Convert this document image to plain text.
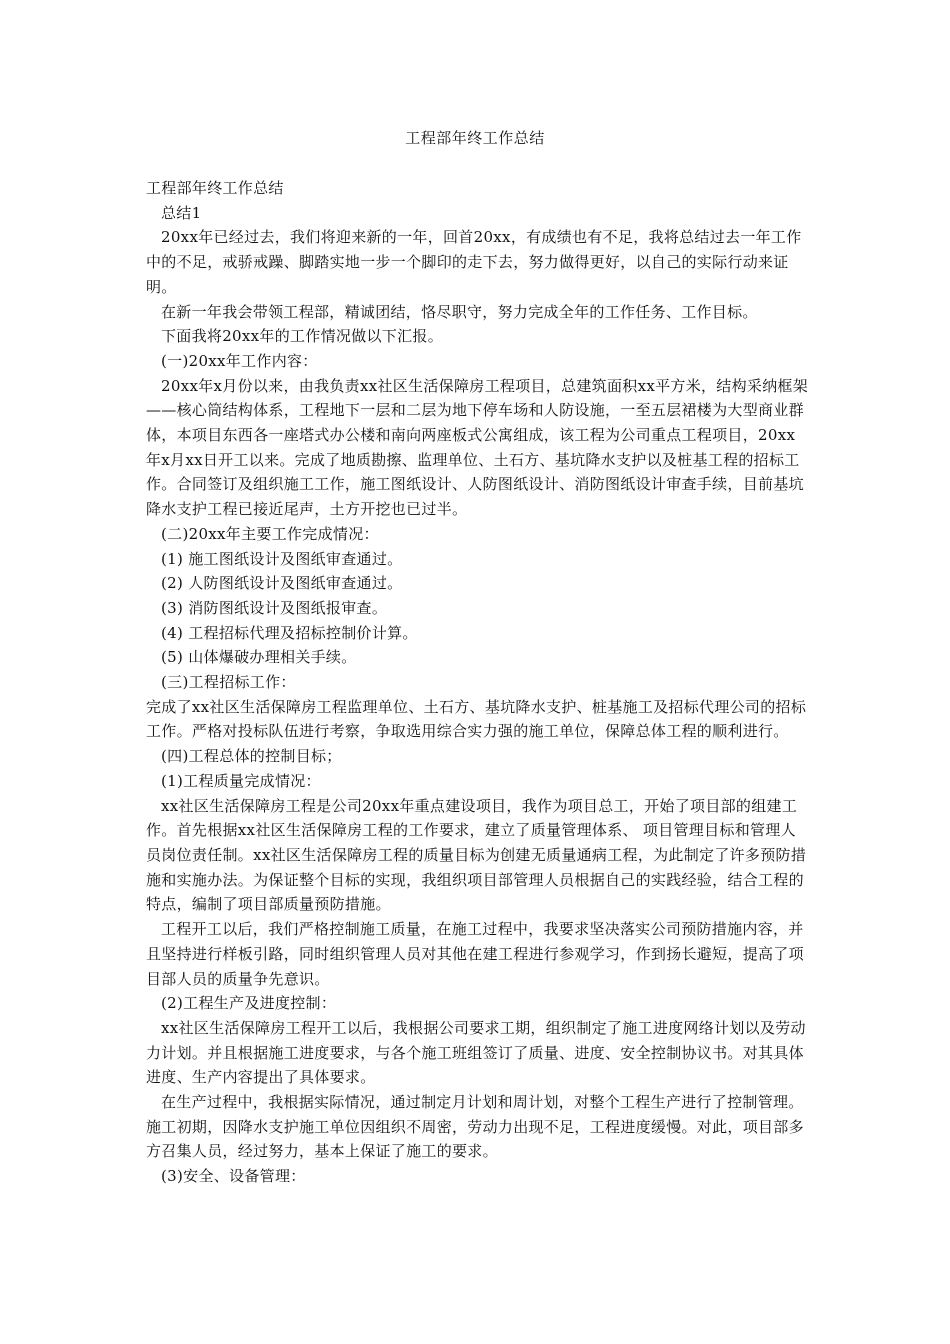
工程部年终工作总结

工程部年终工作总结

总结1

20xx年已经过去，我们将迎来新的一年，回首20xx，有成绩也有不足，我将总结过去一年工作中的不足，戒骄戒躁、脚踏实地一步一个脚印的走下去，努力做得更好，以自己的实际行动来证明。

在新一年我会带领工程部，精诚团结，恪尽职守，努力完成全年的工作任务、工作目标。

下面我将20xx年的工作情况做以下汇报。

(一)20xx年工作内容：

20xx年x月份以来，由我负责xx社区生活保障房工程项目，总建筑面积xx平方米，结构采纳框架——核心筒结构体系，工程地下一层和二层为地下停车场和人防设施，一至五层裙楼为大型商业群体，本项目东西各一座塔式办公楼和南向两座板式公寓组成，该工程为公司重点工程项目，20xx年x月xx日开工以来。完成了地质勘擦、监理单位、土石方、基坑降水支护以及桩基工程的招标工作。合同签订及组织施工工作，施工图纸设计、人防图纸设计、消防图纸设计审查手续，目前基坑降水支护工程已接近尾声，土方开挖也已过半。

(二)20xx年主要工作完成情况：

(1) 施工图纸设计及图纸审查通过。

(2) 人防图纸设计及图纸审查通过。

(3) 消防图纸设计及图纸报审查。

(4) 工程招标代理及招标控制价计算。

(5) 山体爆破办理相关手续。

(三)工程招标工作：

完成了xx社区生活保障房工程监理单位、土石方、基坑降水支护、桩基施工及招标代理公司的招标工作。严格对投标队伍进行考察，争取选用综合实力强的施工单位，保障总体工程的顺利进行。

(四)工程总体的控制目标；

(1)工程质量完成情况：

xx社区生活保障房工程是公司20xx年重点建设项目，我作为项目总工，开始了项目部的组建工作。首先根据xx社区生活保障房工程的工作要求，建立了质量管理体系、 项目管理目标和管理人员岗位责任制。xx社区生活保障房工程的质量目标为创建无质量通病工程，为此制定了许多预防措施和实施办法。为保证整个目标的实现，我组织项目部管理人员根据自己的实践经验，结合工程的特点，编制了项目部质量预防措施。

工程开工以后，我们严格控制施工质量，在施工过程中，我要求坚决落实公司预防措施内容，并且坚持进行样板引路，同时组织管理人员对其他在建工程进行参观学习，作到扬长避短，提高了项目部人员的质量争先意识。

(2)工程生产及进度控制：

xx社区生活保障房工程开工以后，我根据公司要求工期，组织制定了施工进度网络计划以及劳动力计划。并且根据施工进度要求，与各个施工班组签订了质量、进度、安全控制协议书。对其具体进度、生产内容提出了具体要求。

在生产过程中，我根据实际情况，通过制定月计划和周计划，对整个工程生产进行了控制管理。施工初期，因降水支护施工单位因组织不周密，劳动力出现不足，工程进度缓慢。对此，项目部多方召集人员，经过努力，基本上保证了施工的要求。

(3)安全、设备管理：
